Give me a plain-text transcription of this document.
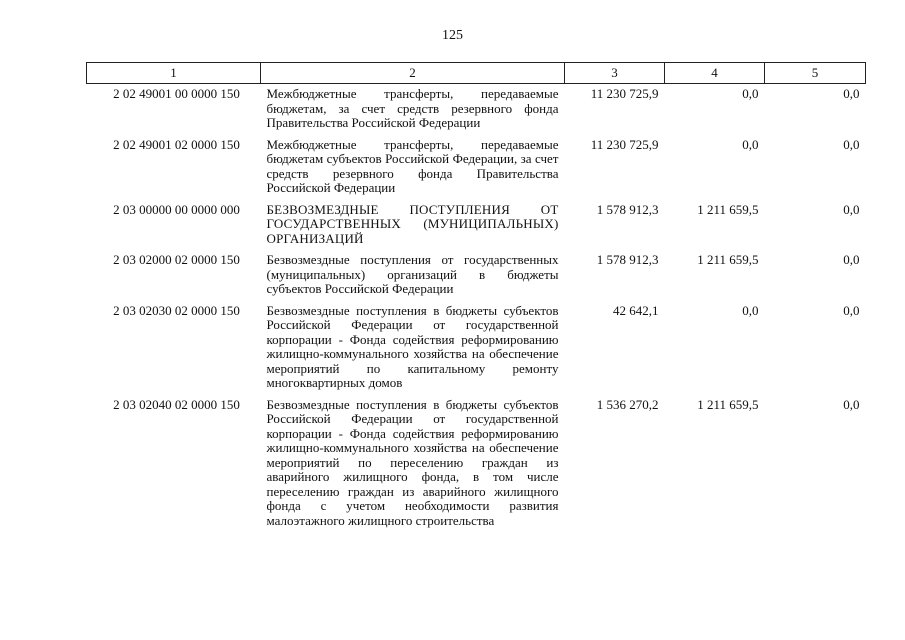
125
1	2	3	4	5
2 02 49001 00 0000 150	Межбюджетные трансферты, передаваемые бюджетам, за счет средств резервного фонда Правительства Российской Федерации	11 230 725,9	0,0	0,0
2 02 49001 02 0000 150	Межбюджетные трансферты, передаваемые бюджетам субъектов Российской Федерации, за счет средств резервного фонда Правительства Российской Федерации	11 230 725,9	0,0	0,0
2 03 00000 00 0000 000	БЕЗВОЗМЕЗДНЫЕ ПОСТУПЛЕНИЯ ОТ ГОСУДАРСТВЕННЫХ (МУНИЦИПАЛЬНЫХ) ОРГАНИЗАЦИЙ	1 578 912,3	1 211 659,5	0,0
2 03 02000 02 0000 150	Безвозмездные поступления от государственных (муниципальных) организаций в бюджеты субъектов Российской Федерации	1 578 912,3	1 211 659,5	0,0
2 03 02030 02 0000 150	Безвозмездные поступления в бюджеты субъектов Российской Федерации от государственной корпорации - Фонда содействия реформированию жилищно-коммунального хозяйства на обеспечение мероприятий по капитальному ремонту многоквартирных домов	42 642,1	0,0	0,0
2 03 02040 02 0000 150	Безвозмездные поступления в бюджеты субъектов Российской Федерации от государственной корпорации - Фонда содействия реформированию жилищно-коммунального хозяйства на обеспечение мероприятий по переселению граждан из аварийного жилищного фонда, в том числе переселению граждан из аварийного жилищного фонда с учетом необходимости развития малоэтажного жилищного строительства	1 536 270,2	1 211 659,5	0,0
